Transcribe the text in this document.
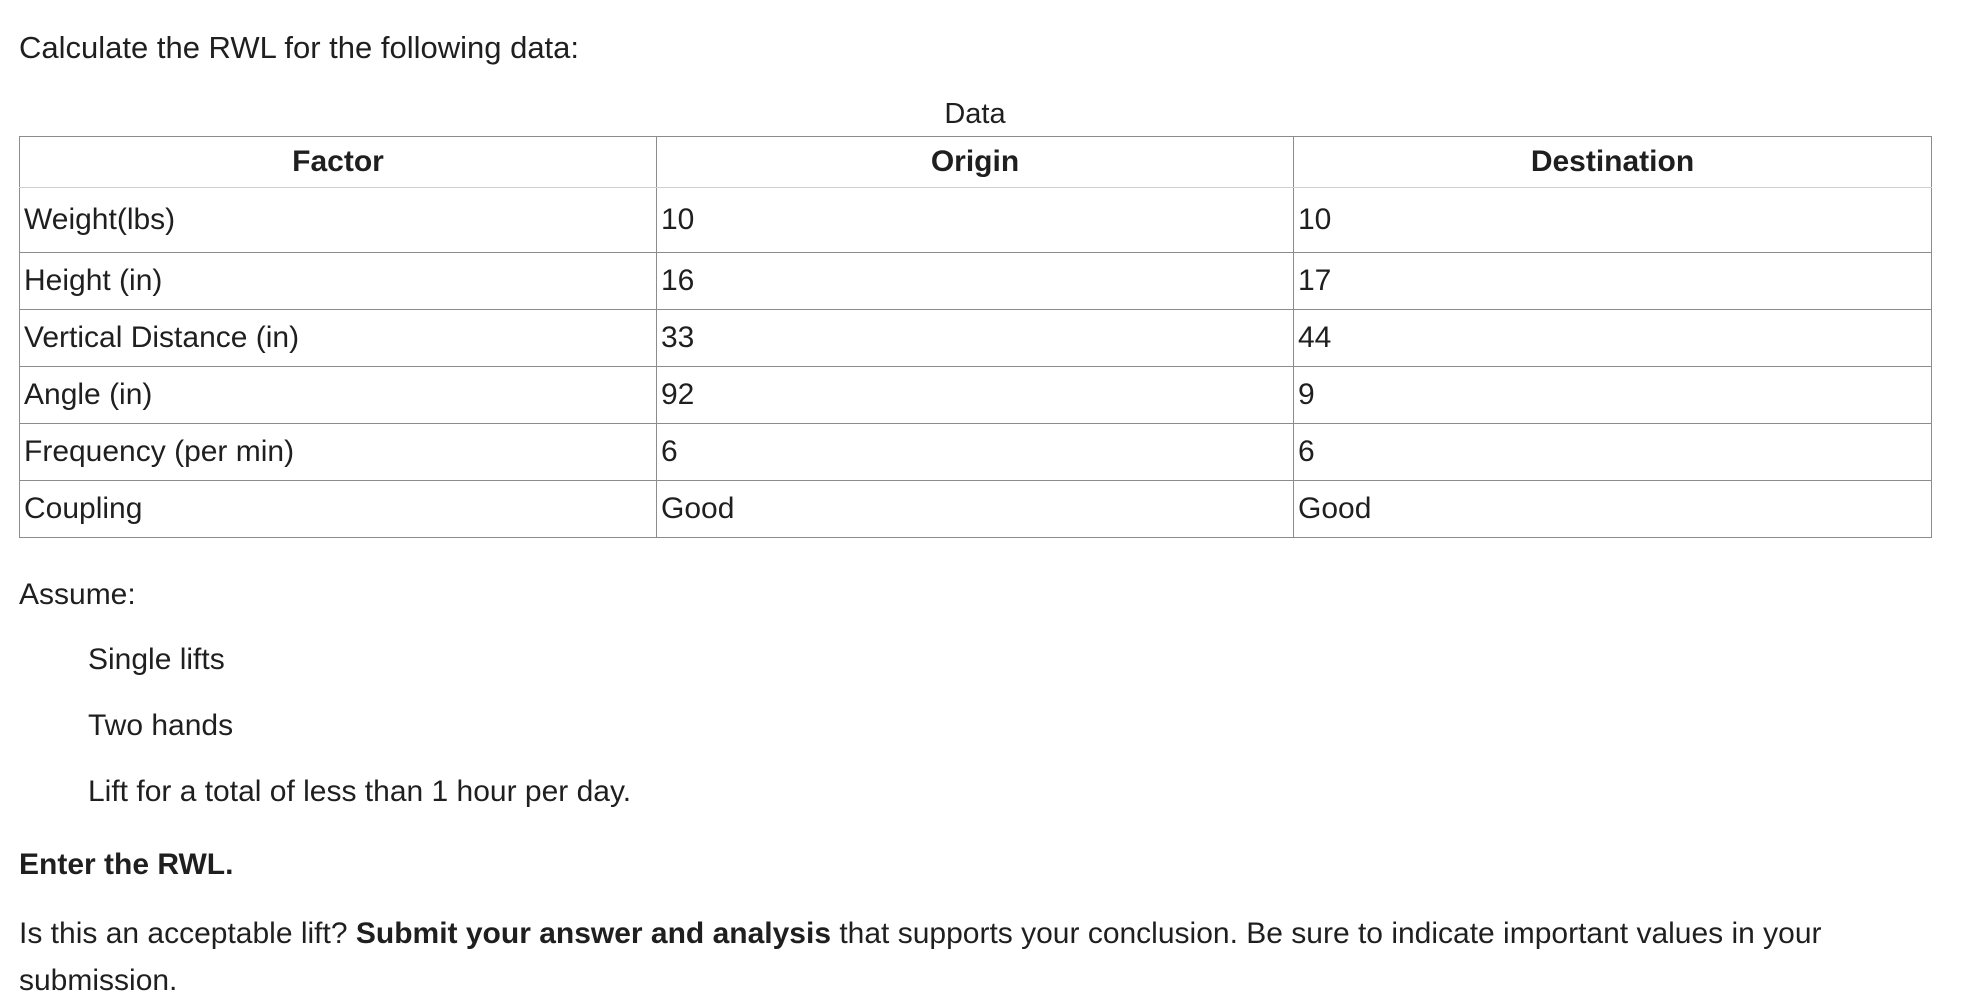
Calculate the RWL for the following data:

Data
Factor	Origin	Destination
Weight(lbs)	10	10
Height (in)	16	17
Vertical Distance (in)	33	44
Angle (in)	92	9
Frequency (per min)	6	6
Coupling	Good	Good
Assume:
Single lifts
Two hands
Lift for a total of less than 1 hour per day.

Enter the RWL.

Is this an acceptable lift? Submit your answer and analysis that supports your conclusion. Be sure to indicate important values in your submission.
